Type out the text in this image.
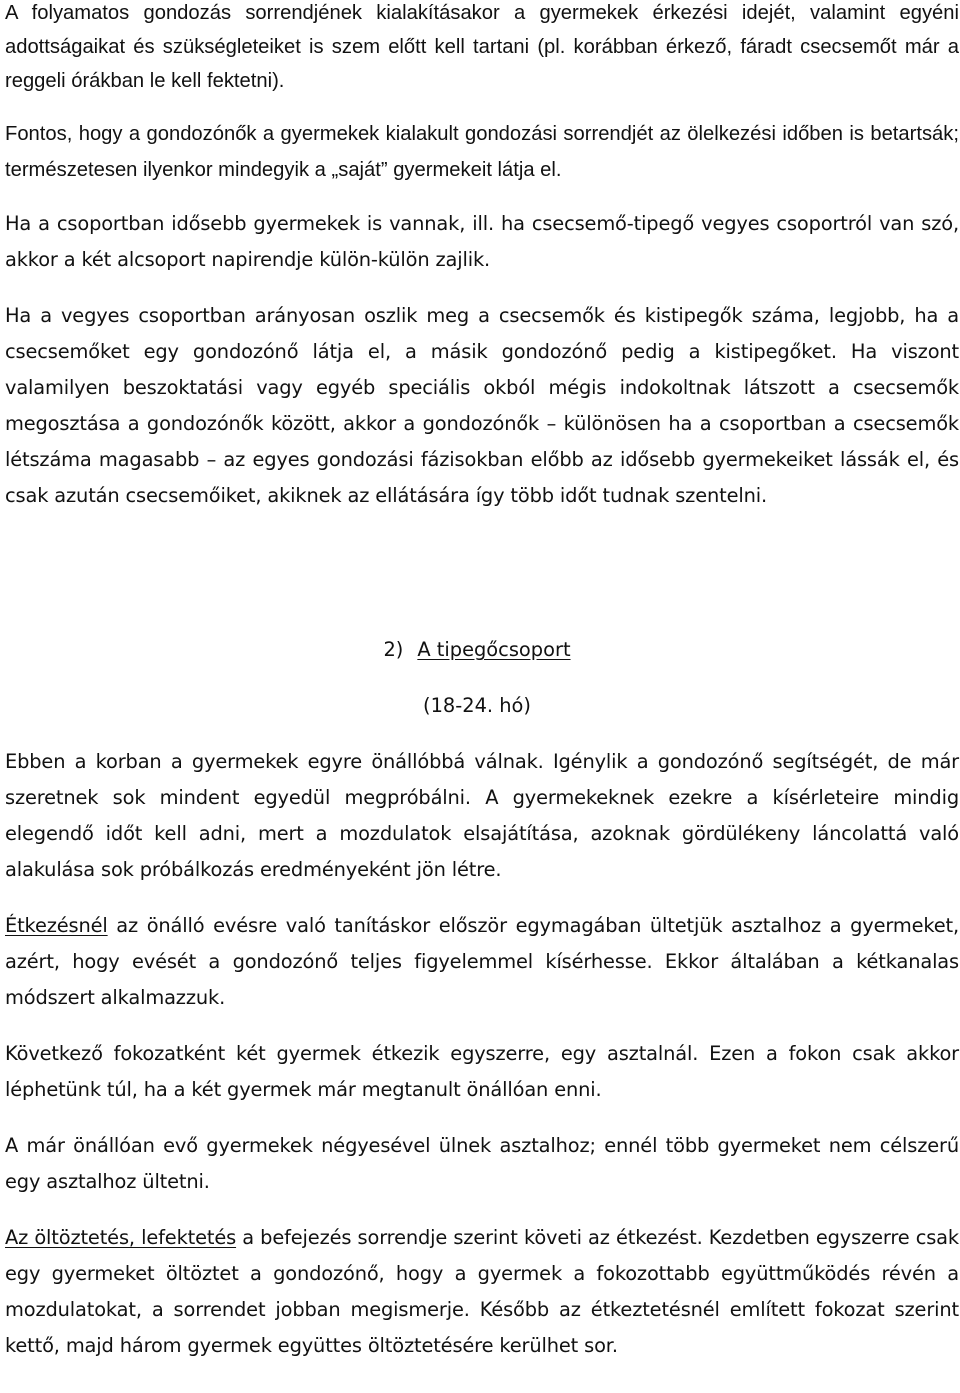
A folyamatos gondozás sorrendjének kialakításakor a gyermekek érkezési idejét, valamint egyéni adottságaikat és szükségleteiket is szem előtt kell tartani (pl. korábban érkező, fáradt csecsemőt már a reggeli órákban le kell fektetni).

Fontos, hogy a gondozónők a gyermekek kialakult gondozási sorrendjét az ölelkezési időben is betartsák; természetesen ilyenkor mindegyik a „saját” gyermekeit látja el.

Ha a csoportban idősebb gyermekek is vannak, ill. ha csecsemő-tipegő vegyes csoportról van szó, akkor a két alcsoport napirendje külön-külön zajlik.

Ha a vegyes csoportban arányosan oszlik meg a csecsemők és kistipegők száma, legjobb, ha a csecsemőket egy gondozónő látja el, a másik gondozónő pedig a kistipegőket. Ha viszont valamilyen beszoktatási vagy egyéb speciális okból mégis indokoltnak látszott a csecsemők megosztása a gondozónők között, akkor a gondozónők – különösen ha a csoportban a csecsemők létszáma magasabb – az egyes gondozási fázisokban előbb az idősebb gyermekeiket lássák el, és csak azután csecsemőiket, akiknek az ellátására így több időt tudnak szentelni.

2) A tipegőcsoport
(18-24. hó)

Ebben a korban a gyermekek egyre önállóbbá válnak. Igénylik a gondozónő segítségét, de már szeretnek sok mindent egyedül megpróbálni. A gyermekeknek ezekre a kísérleteire mindig elegendő időt kell adni, mert a mozdulatok elsajátítása, azoknak gördülékeny láncolattá való alakulása sok próbálkozás eredményeként jön létre.

Étkezésnél az önálló evésre való tanításkor először egymagában ültetjük asztalhoz a gyermeket, azért, hogy evését a gondozónő teljes figyelemmel kísérhesse. Ekkor általában a kétkanalas módszert alkalmazzuk.

Következő fokozatként két gyermek étkezik egyszerre, egy asztalnál. Ezen a fokon csak akkor léphetünk túl, ha a két gyermek már megtanult önállóan enni.

A már önállóan evő gyermekek négyesével ülnek asztalhoz; ennél több gyermeket nem célszerű egy asztalhoz ültetni.

Az öltöztetés, lefektetés a befejezés sorrendje szerint követi az étkezést. Kezdetben egyszerre csak egy gyermeket öltöztet a gondozónő, hogy a gyermek a fokozottabb együttműködés révén a mozdulatokat, a sorrendet jobban megismerje. Később az étkeztetésnél említett fokozat szerint kettő, majd három gyermek együttes öltöztetésére kerülhet sor.
